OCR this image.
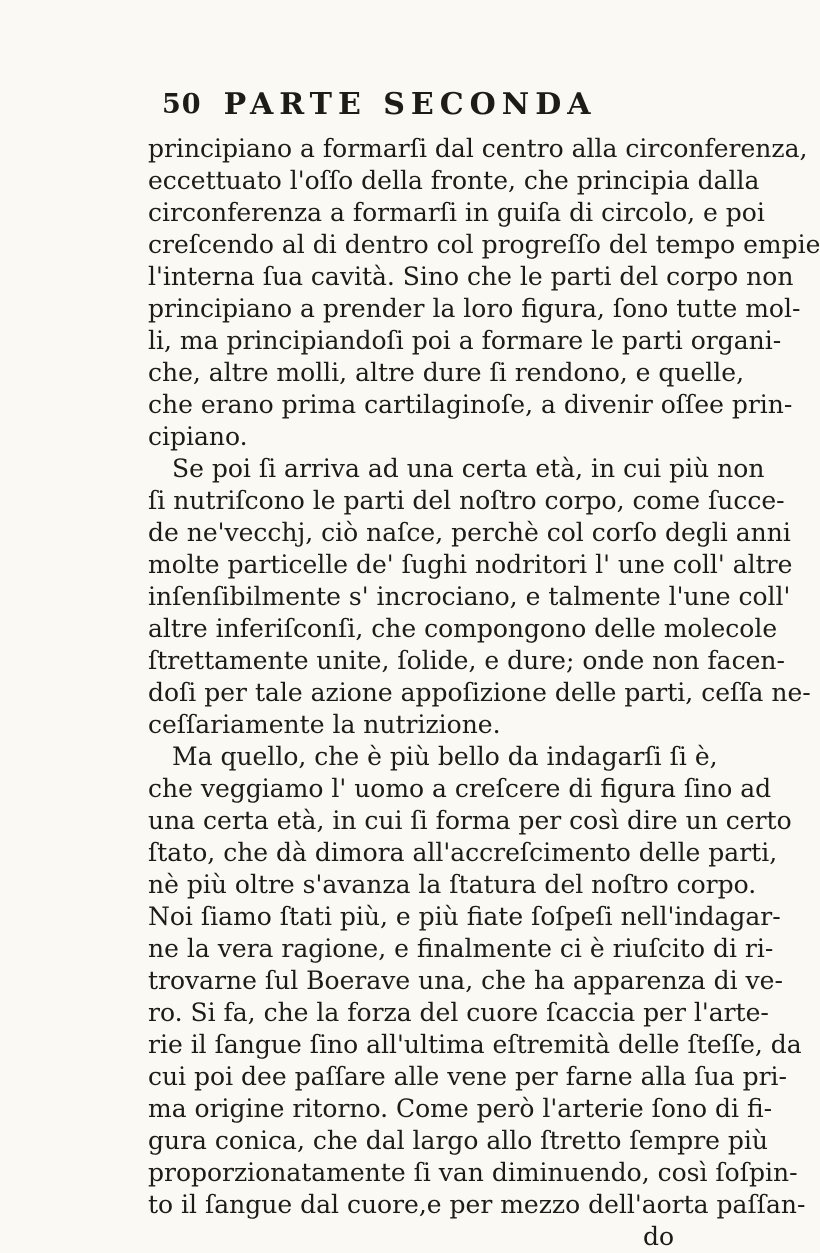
50 PARTE SECONDA
principiano a formarſi dal centro alla circonferenza,
eccettuato l'oſſo della fronte, che principia dalla
circonferenza a formarſi in guiſa di circolo, e poi
creſcendo al di dentro col progreſſo del tempo empie
l'interna ſua cavità. Sino che le parti del corpo non
principiano a prender la loro figura, ſono tutte mol-
li, ma principiandoſi poi a formare le parti organi-
che, altre molli, altre dure ſi rendono, e quelle,
che erano prima cartilaginoſe, a divenir oſſee prin-
cipiano.
Se poi ſi arriva ad una certa età, in cui più non
ſi nutriſcono le parti del noſtro corpo, come ſucce-
de ne'vecchj, ciò naſce, perchè col corſo degli anni
molte particelle de' ſughi nodritori l' une coll' altre
inſenſibilmente s' incrociano, e talmente l'une coll'
altre inferiſconſi, che compongono delle molecole
ſtrettamente unite, ſolide, e dure; onde non facen-
doſi per tale azione appoſizione delle parti, ceſſa ne-
ceſſariamente la nutrizione.
Ma quello, che è più bello da indagarſi ſi è,
che veggiamo l' uomo a creſcere di figura ſino ad
una certa età, in cui ſi forma per così dire un certo
ſtato, che dà dimora all'accreſcimento delle parti,
nè più oltre s'avanza la ſtatura del noſtro corpo.
Noi ſiamo ſtati più, e più fiate ſoſpeſi nell'indagar-
ne la vera ragione, e finalmente ci è riuſcito di ri-
trovarne ſul Boerave una, che ha apparenza di ve-
ro. Si fa, che la forza del cuore ſcaccia per l'arte-
rie il ſangue ſino all'ultima eſtremità delle ſteſſe, da
cui poi dee paſſare alle vene per farne alla ſua pri-
ma origine ritorno. Come però l'arterie ſono di fi-
gura conica, che dal largo allo ſtretto ſempre più
proporzionatamente ſi van diminuendo, così ſoſpin-
to il ſangue dal cuore,e per mezzo dell'aorta paſſan-
do
